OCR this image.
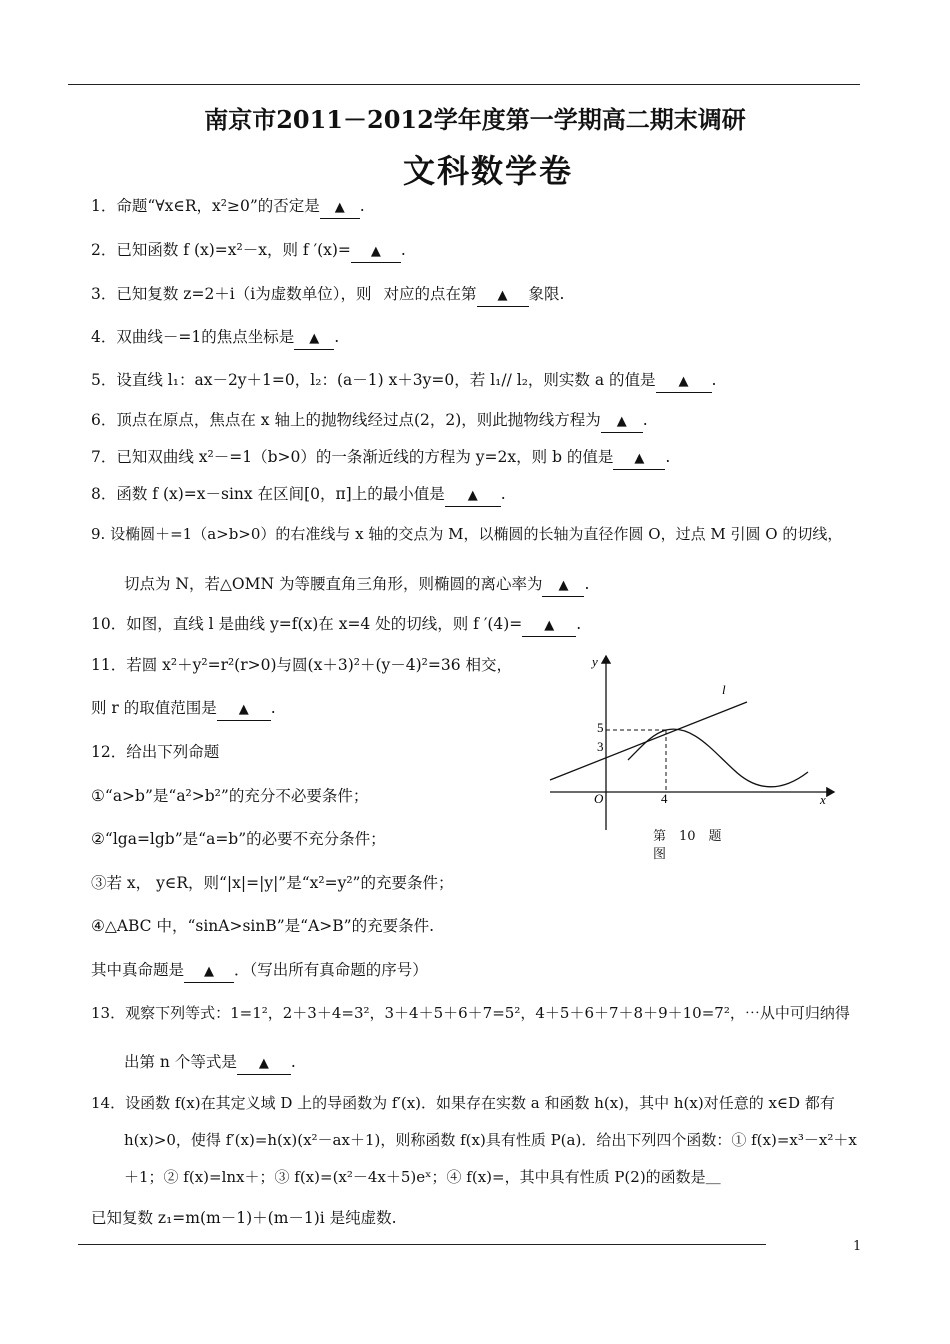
南京市2011－2012学年度第一学期高二期末调研
文科数学卷
1．命题“∀x∈R，x²≥0”的否定是 ▲ .
2．已知函数 f (x)=x²－x，则 f ′(x)= ▲ .
3．已知复数 z=2＋i（i为虚数单位），则 对应的点在第 ▲ 象限.
4．双曲线－=1的焦点坐标是 ▲ .
5．设直线 l₁：ax－2y＋1=0，l₂：(a－1) x＋3y=0，若 l₁// l₂，则实数 a 的值是 ▲ .
6．顶点在原点，焦点在 x 轴上的抛物线经过点(2，2)，则此抛物线方程为 ▲ .
7．已知双曲线 x²－=1（b>0）的一条渐近线的方程为 y=2x，则 b 的值是 ▲ .
8．函数 f (x)=x－sinx 在区间[0，π]上的最小值是 ▲ .
9. 设椭圆＋=1（a>b>0）的右准线与 x 轴的交点为 M，以椭圆的长轴为直径作圆 O，过点 M 引圆 O 的切线，
切点为 N，若△OMN 为等腰直角三角形，则椭圆的离心率为 ▲ .
10．如图，直线 l 是曲线 y=f(x)在 x=4 处的切线，则 f ′(4)= ▲ .
11．若圆 x²＋y²=r²(r>0)与圆(x＋3)²＋(y－4)²=36 相交，
则 r 的取值范围是 ▲ .
12．给出下列命题
①“a>b”是“a²>b²”的充分不必要条件；
②“lga=lgb”是“a=b”的必要不充分条件；
③若 x， y∈R，则“|x|=|y|”是“x²=y²”的充要条件；
④△ABC 中，“sinA>sinB”是“A>B”的充要条件.
其中真命题是 ▲ ．（写出所有真命题的序号）
13．观察下列等式：1=1²，2＋3＋4=3²，3＋4＋5＋6＋7=5²，4＋5＋6＋7＋8＋9＋10=7²，⋯从中可归纳得
出第 n 个等式是 ▲ .
14．设函数 f(x)在其定义域 D 上的导函数为 f′(x)．如果存在实数 a 和函数 h(x)，其中 h(x)对任意的 x∈D 都有
h(x)>0，使得 f′(x)=h(x)(x²－ax＋1)，则称函数 f(x)具有性质 P(a)．给出下列四个函数：① f(x)=x³－x²＋x
＋1；② f(x)=lnx＋；③ f(x)=(x²－4x＋5)eˣ；④ f(x)=，其中具有性质 P(2)的函数是＿
已知复数 z₁=m(m－1)＋(m－1)i 是纯虚数.
y
x
O
l
4
5
3
第　10　题
图
1
